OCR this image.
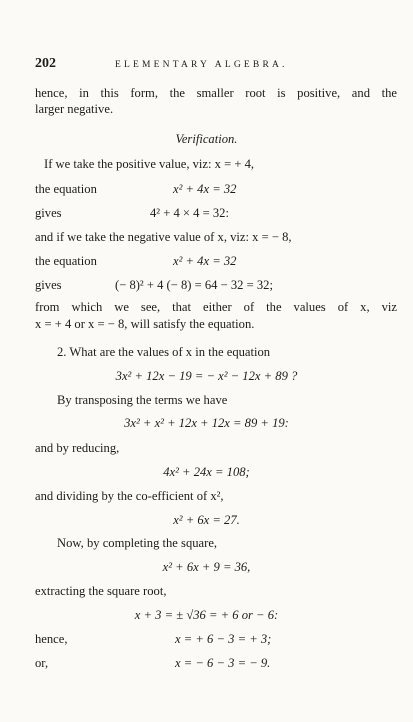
202	ELEMENTARY ALGEBRA.
hence, in this form, the smaller root is positive, and the
larger negative.
Verification.
If we take the positive value, viz: x = + 4,
the equation	x² + 4x = 32
gives	4² + 4 × 4 = 32:
and if we take the negative value of x, viz: x = − 8,
the equation	x² + 4x = 32
gives	(− 8)² + 4 (− 8) = 64 − 32 = 32;
from which we see, that either of the values of x, viz
x = + 4 or x = − 8, will satisfy the equation.
2. What are the values of x in the equation
3x² + 12x − 19 = − x² − 12x + 89 ?
By transposing the terms we have
3x² + x² + 12x + 12x = 89 + 19:
and by reducing,
4x² + 24x = 108;
and dividing by the co-efficient of x²,
x² + 6x = 27.
Now, by completing the square,
x² + 6x + 9 = 36,
extracting the square root,
x + 3 = ± √36 = + 6 or − 6:
hence,	x = + 6 − 3 = + 3;
or,	x = − 6 − 3 = − 9.
